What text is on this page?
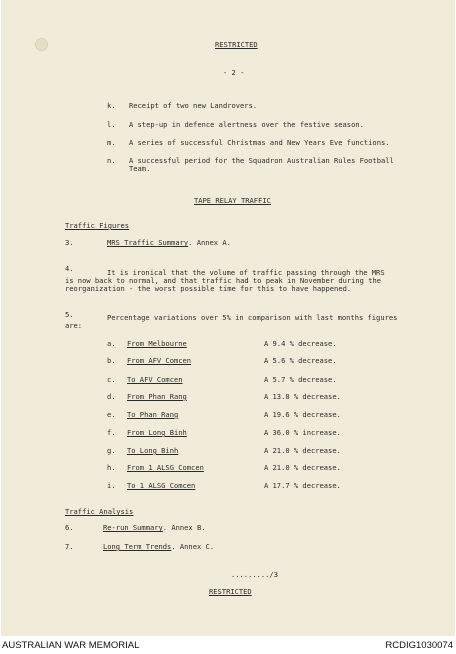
RESTRICTED

- 2 -

k. Receipt of two new Landrovers.

l. A step-up in defence alertness over the festive season.

m. A series of successful Christmas and New Years Eve functions.

n. A successful period for the Squadron Australian Rules Football

Team.

TAPE RELAY TRAFFIC

Traffic Figures

3.	MRS Traffic Summary. Annex A.

4.	It is ironical that the volume of traffic passing through the MRS

is now back to normal, and that traffic had to peak in November during the

reorganization - the worst possible time for this to have happened.

5.	Percentage variations over 5% in comparison with last months figures

are:

a. From Melbourne	A 9.4 % decrease.

b. From AFV Comcen	A 5.6 % decrease.

c. To AFV Comcen	A 5.7 % decrease.

d. From Phan Rang	A 13.8 % decrease.

e. To Phan Rang	A 19.6 % decrease.

f. From Long Binh	A 36.0 % increase.

g. To Long Binh	A 21.0 % decrease.

h. From 1 ALSG Comcen	A 21.0 % decrease.

i. To 1 ALSG Comcen	A 17.7 % decrease.

Traffic Analysis

6.	Re-run Summary. Annex B.

7.	Long Term Trends. Annex C.

........./3

RESTRICTED

AUSTRALIAN WAR MEMORIAL	RCDIG1030074
